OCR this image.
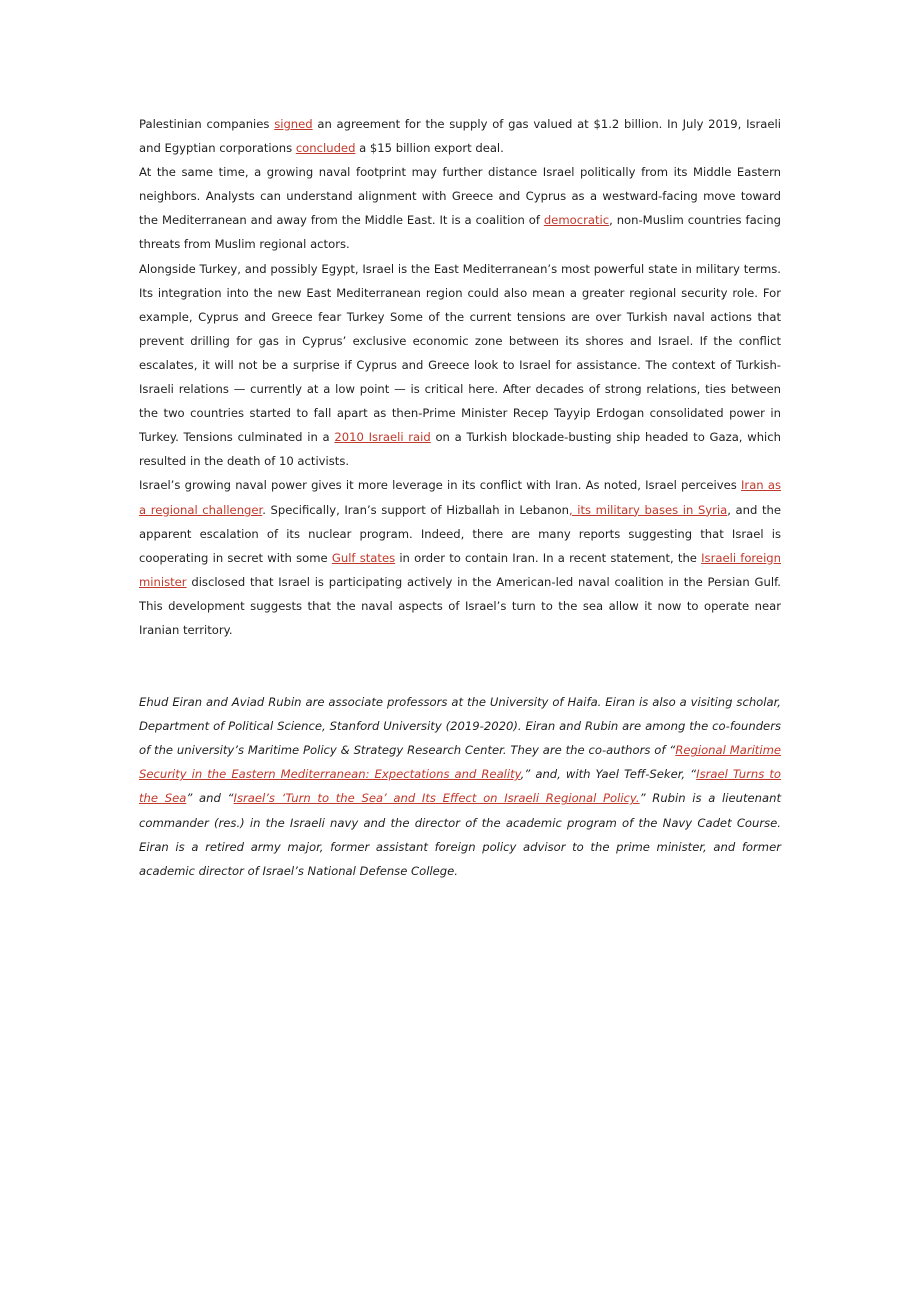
Palestinian companies signed an agreement for the supply of gas valued at $1.2 billion. In July 2019, Israeli and Egyptian corporations concluded a $15 billion export deal.

At the same time, a growing naval footprint may further distance Israel politically from its Middle Eastern neighbors. Analysts can understand alignment with Greece and Cyprus as a westward-facing move toward the Mediterranean and away from the Middle East. It is a coalition of democratic, non-Muslim countries facing threats from Muslim regional actors.

Alongside Turkey, and possibly Egypt, Israel is the East Mediterranean’s most powerful state in military terms. Its integration into the new East Mediterranean region could also mean a greater regional security role. For example, Cyprus and Greece fear Turkey Some of the current tensions are over Turkish naval actions that prevent drilling for gas in Cyprus’ exclusive economic zone between its shores and Israel. If the conflict escalates, it will not be a surprise if Cyprus and Greece look to Israel for assistance. The context of Turkish-Israeli relations — currently at a low point — is critical here. After decades of strong relations, ties between the two countries started to fall apart as then-Prime Minister Recep Tayyip Erdogan consolidated power in Turkey. Tensions culminated in a 2010 Israeli raid on a Turkish blockade-busting ship headed to Gaza, which resulted in the death of 10 activists.

Israel’s growing naval power gives it more leverage in its conflict with Iran. As noted, Israel perceives Iran as a regional challenger. Specifically, Iran’s support of Hizballah in Lebanon, its military bases in Syria, and the apparent escalation of its nuclear program. Indeed, there are many reports suggesting that Israel is cooperating in secret with some Gulf states in order to contain Iran. In a recent statement, the Israeli foreign minister disclosed that Israel is participating actively in the American-led naval coalition in the Persian Gulf. This development suggests that the naval aspects of Israel’s turn to the sea allow it now to operate near Iranian territory.

Ehud Eiran and Aviad Rubin are associate professors at the University of Haifa. Eiran is also a visiting scholar, Department of Political Science, Stanford University (2019-2020). Eiran and Rubin are among the co-founders of the university’s Maritime Policy & Strategy Research Center. They are the co-authors of “Regional Maritime Security in the Eastern Mediterranean: Expectations and Reality,” and, with Yael Teff-Seker, “Israel Turns to the Sea” and “Israel’s ‘Turn to the Sea’ and Its Effect on Israeli Regional Policy.” Rubin is a lieutenant commander (res.) in the Israeli navy and the director of the academic program of the Navy Cadet Course. Eiran is a retired army major, former assistant foreign policy advisor to the prime minister, and former academic director of Israel’s National Defense College.
